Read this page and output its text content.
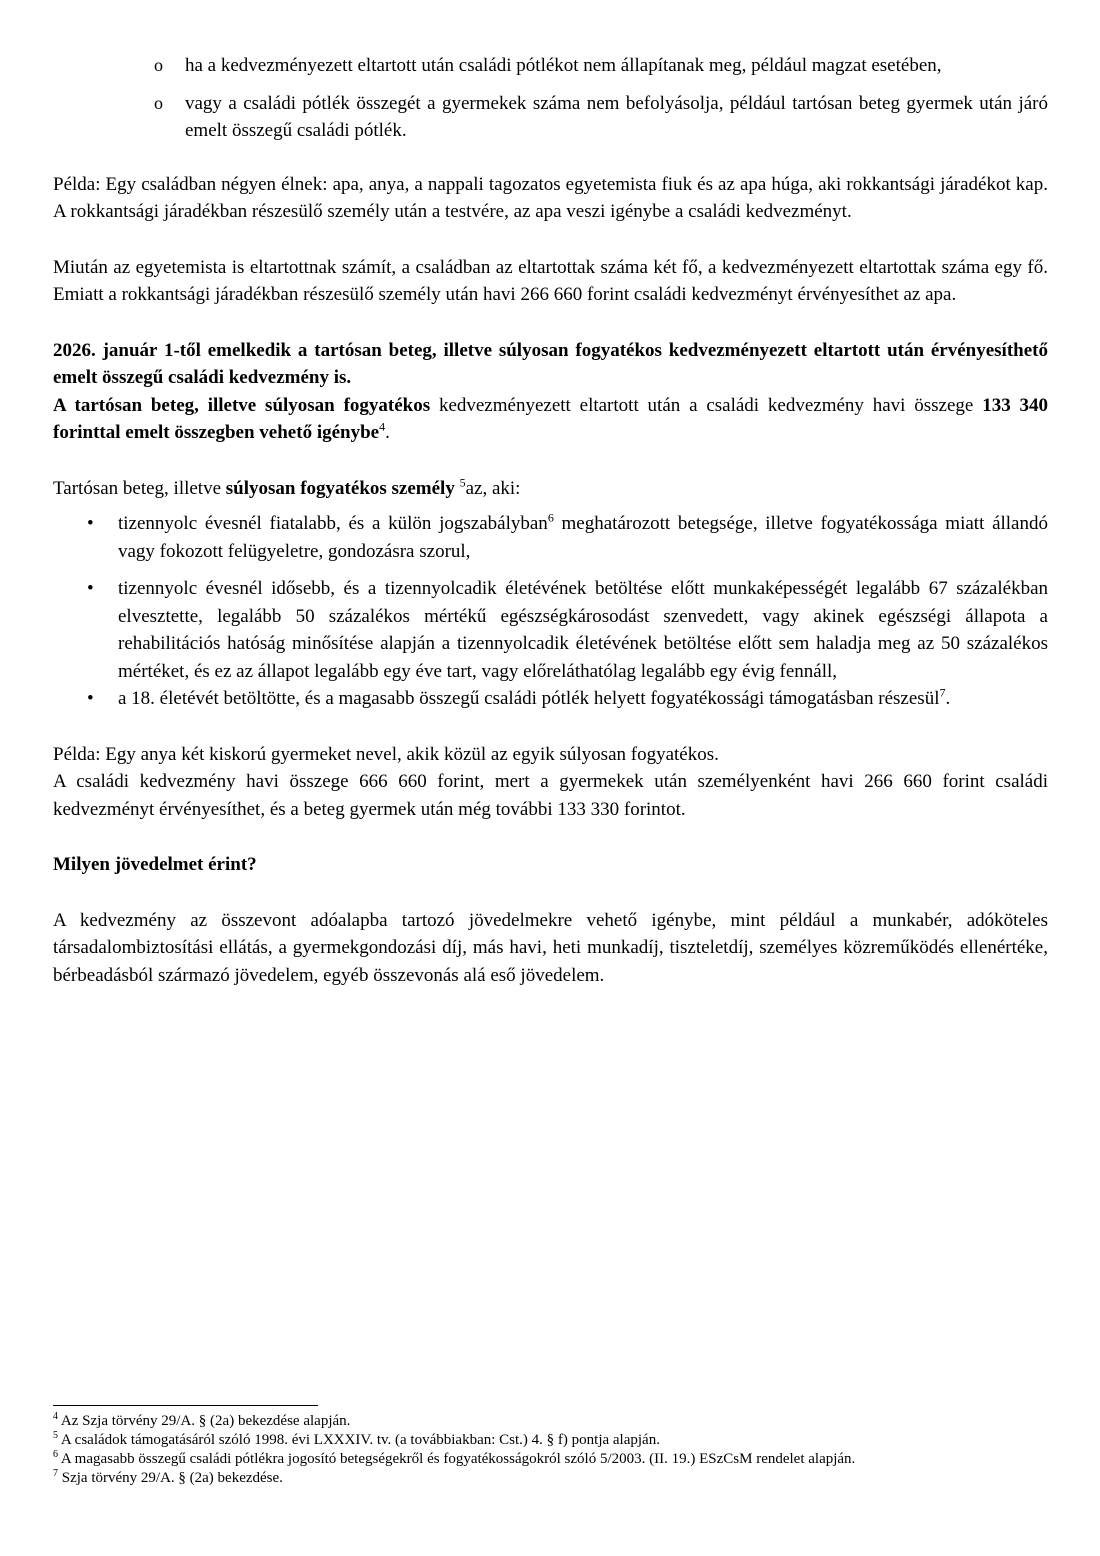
o ha a kedvezményezett eltartott után családi pótlékot nem állapítanak meg, például magzat esetében,
o vagy a családi pótlék összegét a gyermekek száma nem befolyásolja, például tartósan beteg gyermek után járó emelt összegű családi pótlék.

Példa: Egy családban négyen élnek: apa, anya, a nappali tagozatos egyetemista fiuk és az apa húga, aki rokkantsági járadékot kap. A rokkantsági járadékban részesülő személy után a testvére, az apa veszi igénybe a családi kedvezményt.

Miután az egyetemista is eltartottnak számít, a családban az eltartottak száma két fő, a kedvezményezett eltartottak száma egy fő. Emiatt a rokkantsági járadékban részesülő személy után havi 266 660 forint családi kedvezményt érvényesíthet az apa.

2026. január 1-től emelkedik a tartósan beteg, illetve súlyosan fogyatékos kedvezményezett eltartott után érvényesíthető emelt összegű családi kedvezmény is.

A tartósan beteg, illetve súlyosan fogyatékos kedvezményezett eltartott után a családi kedvezmény havi összege 133 340 forinttal emelt összegben vehető igénybe$^4$.

Tartósan beteg, illetve súlyosan fogyatékos személy $^5$az, aki:

• tizennyolc évesnél fiatalabb, és a külön jogszabályban$^6$ meghatározott betegsége, illetve fogyatékossága miatt állandó vagy fokozott felügyeletre, gondozásra szorul,
• tizennyolc évesnél idősebb, és a tizennyolcadik életévének betöltése előtt munkaképességét legalább 67 százalékban elvesztette, legalább 50 százalékos mértékű egészségkárosodást szenvedett, vagy akinek egészségi állapota a rehabilitációs hatóság minősítése alapján a tizennyolcadik életévének betöltése előtt sem haladja meg az 50 százalékos mértéket, és ez az állapot legalább egy éve tart, vagy előreláthatólag legalább egy évig fennáll,
• a 18. életévét betöltötte, és a magasabb összegű családi pótlék helyett fogyatékossági támogatásban részesül$^7$.

Példa: Egy anya két kiskorú gyermeket nevel, akik közül az egyik súlyosan fogyatékos.

A családi kedvezmény havi összege 666 660 forint, mert a gyermekek után személyenként havi 266 660 forint családi kedvezményt érvényesíthet, és a beteg gyermek után még további 133 330 forintot.

Milyen jövedelmet érint?

A kedvezmény az összevont adóalapba tartozó jövedelmekre vehető igénybe, mint például a munkabér, adóköteles társadalombiztosítási ellátás, a gyermekgondozási díj, más havi, heti munkadíj, tiszteletdíj, személyes közreműködés ellenértéke, bérbeadásból származó jövedelem, egyéb összevonás alá eső jövedelem.

$^4$ Az Szja törvény 29/A. § (2a) bekezdése alapján.
$^5$ A családok támogatásáról szóló 1998. évi LXXXIV. tv. (a továbbiakban: Cst.) 4. § f) pontja alapján.
$^6$ A magasabb összegű családi pótlékra jogosító betegségekről és fogyatékosságokról szóló 5/2003. (II. 19.) ESzCsM rendelet alapján.
$^7$ Szja törvény 29/A. § (2a) bekezdése.
